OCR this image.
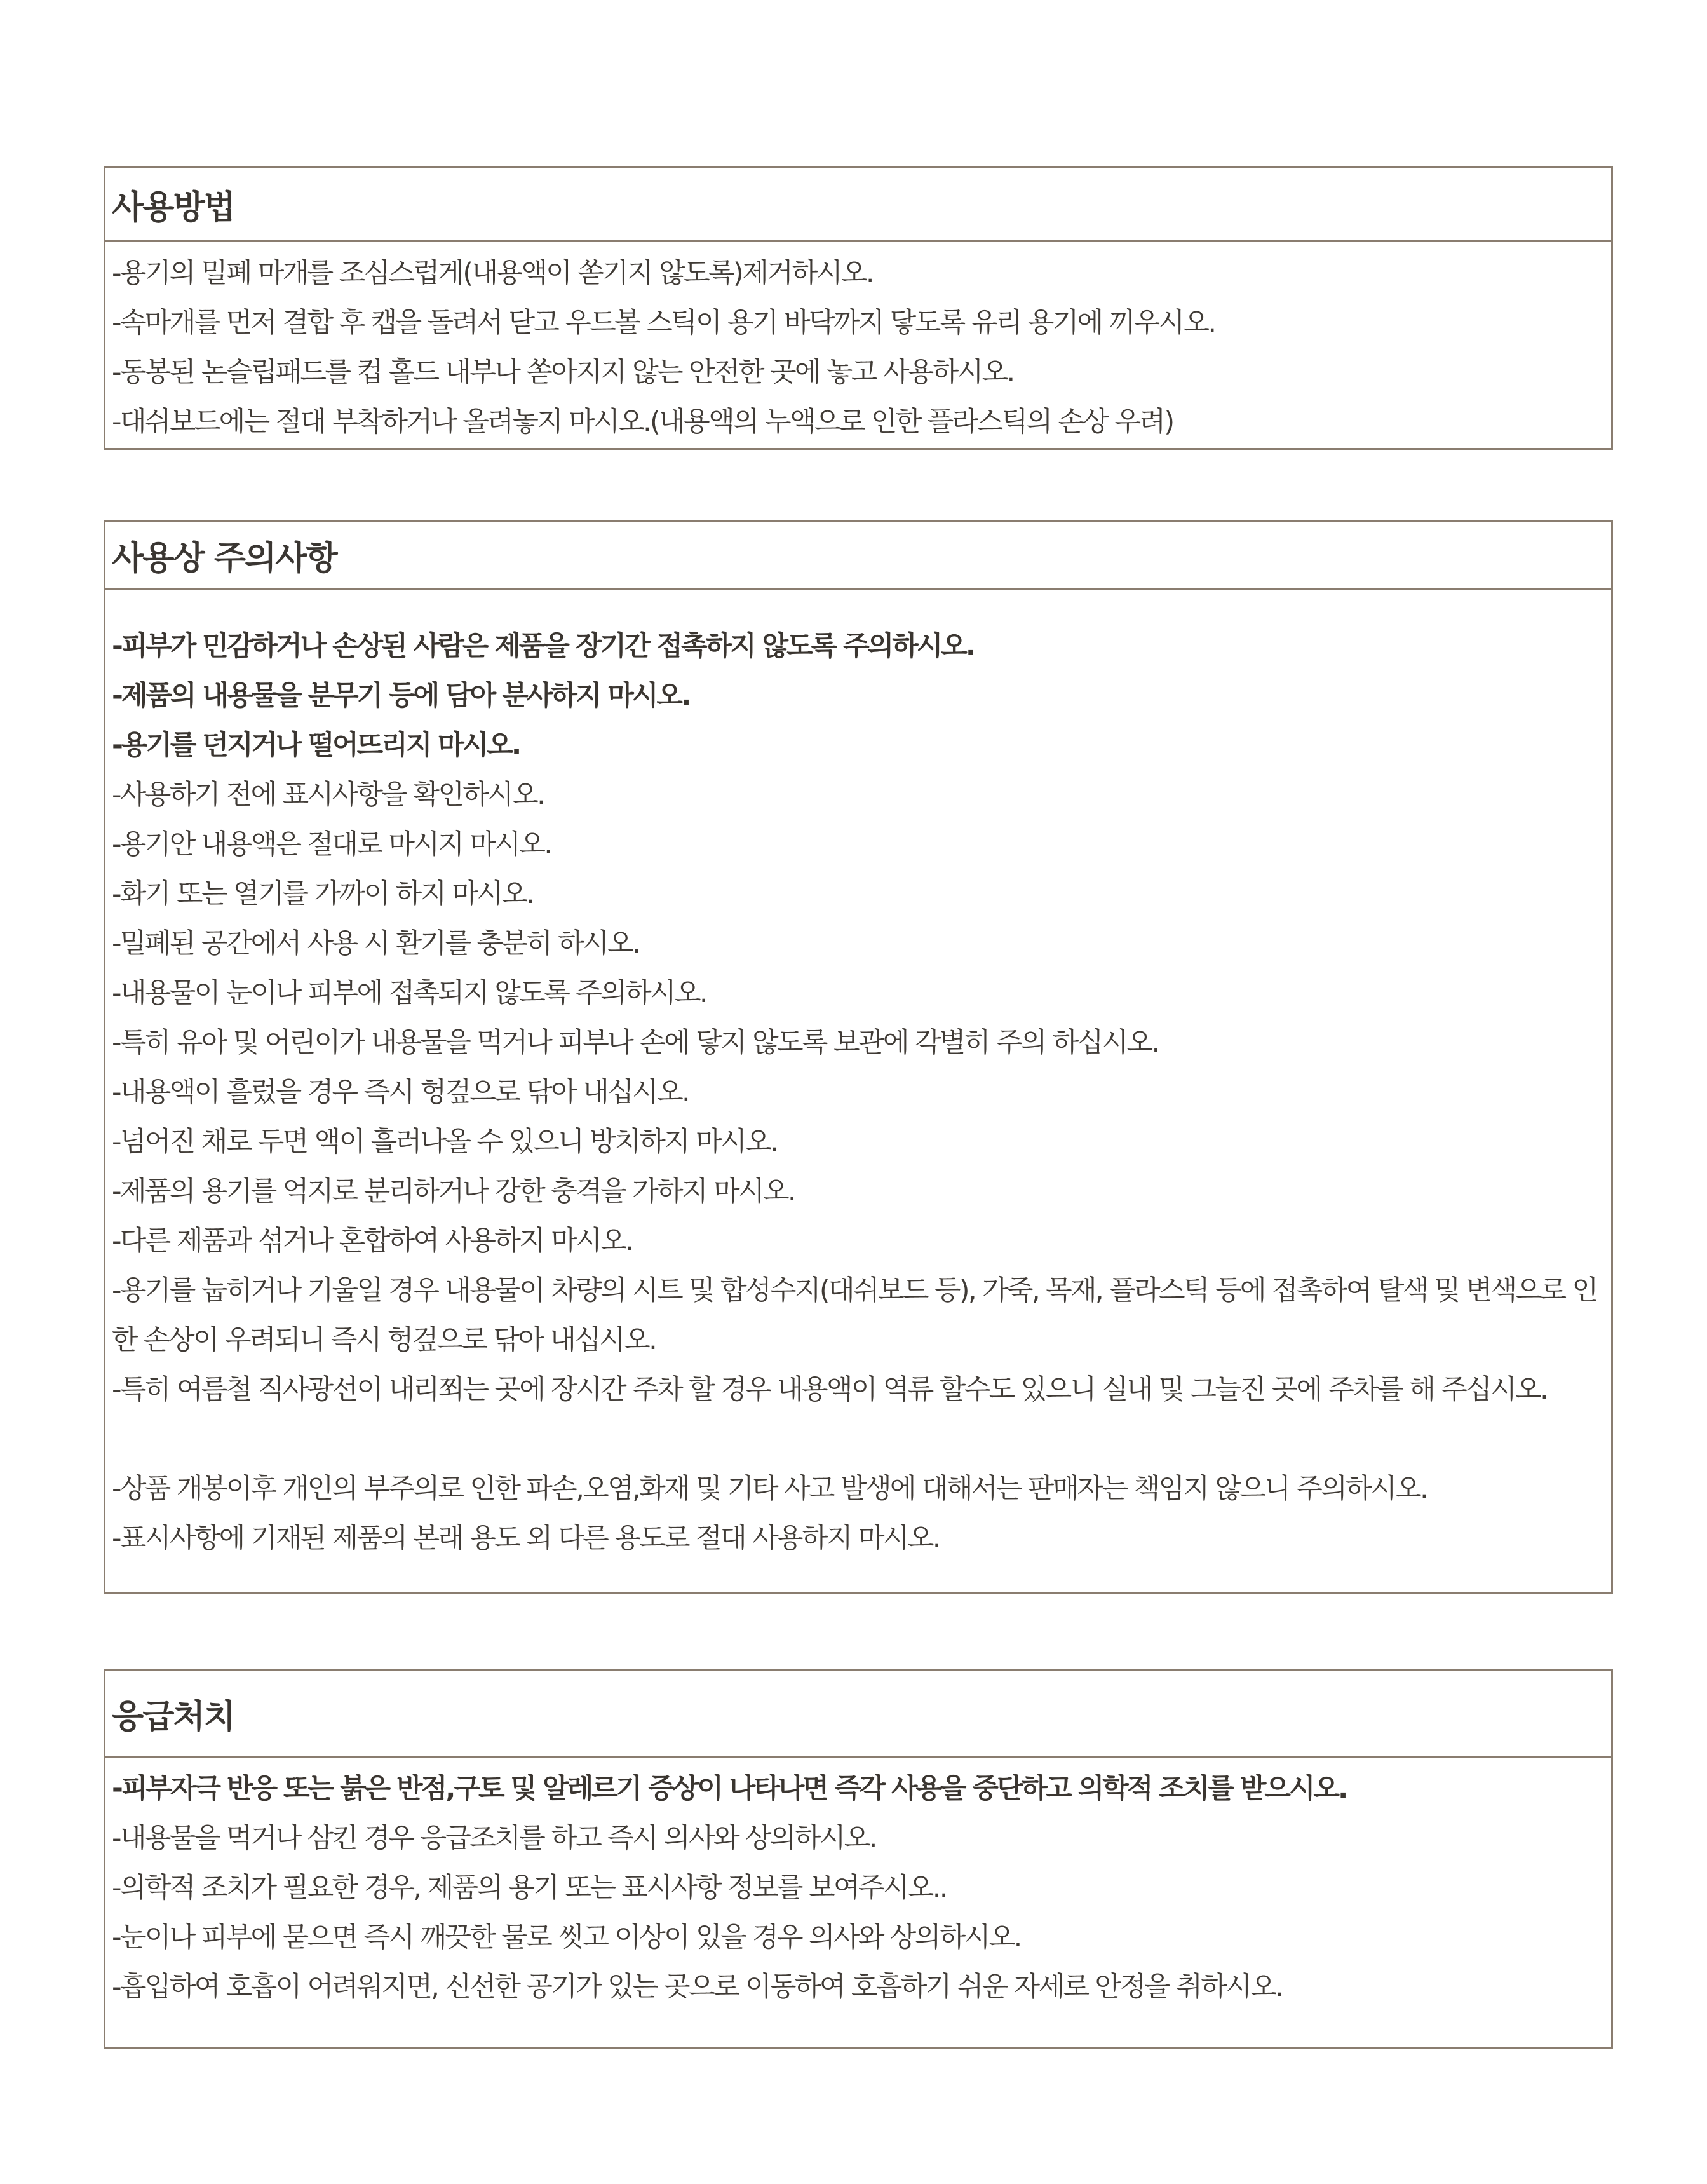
사용방법
-용기의 밀폐 마개를 조심스럽게(내용액이 쏟기지 않도록)제거하시오.
-속마개를 먼저 결합 후 캡을 돌려서 닫고 우드볼 스틱이 용기 바닥까지 닿도록 유리 용기에 끼우시오.
-동봉된 논슬립패드를 컵 홀드 내부나 쏟아지지 않는 안전한 곳에 놓고 사용하시오.
-대쉬보드에는 절대 부착하거나 올려놓지 마시오.(내용액의 누액으로 인한 플라스틱의 손상 우려)
사용상 주의사항
-피부가 민감하거나 손상된 사람은 제품을 장기간 접촉하지 않도록 주의하시오.
-제품의 내용물을 분무기 등에 담아 분사하지 마시오.
-용기를 던지거나 떨어뜨리지 마시오.
-사용하기 전에 표시사항을 확인하시오.
-용기안 내용액은 절대로 마시지 마시오.
-화기 또는 열기를 가까이 하지 마시오.
-밀폐된 공간에서 사용 시 환기를 충분히 하시오.
-내용물이 눈이나 피부에 접촉되지 않도록 주의하시오.
-특히 유아 및 어린이가 내용물을 먹거나 피부나 손에 닿지 않도록 보관에 각별히 주의 하십시오.
-내용액이 흘렀을 경우 즉시 헝겊으로 닦아 내십시오.
-넘어진 채로 두면 액이 흘러나올 수 있으니 방치하지 마시오.
-제품의 용기를 억지로 분리하거나 강한 충격을 가하지 마시오.
-다른 제품과 섞거나 혼합하여 사용하지 마시오.
-용기를 눕히거나 기울일 경우 내용물이 차량의 시트 및 합성수지(대쉬보드 등), 가죽, 목재, 플라스틱 등에 접촉하여 탈색 및 변색으로 인한 손상이 우려되니 즉시 헝겊으로 닦아 내십시오.
-특히 여름철 직사광선이 내리쬐는 곳에 장시간 주차 할 경우 내용액이 역류 할수도 있으니 실내 및 그늘진 곳에 주차를 해 주십시오.
-상품 개봉이후 개인의 부주의로 인한 파손,오염,화재 및 기타 사고 발생에 대해서는 판매자는 책임지 않으니 주의하시오.
-표시사항에 기재된 제품의 본래 용도 외 다른 용도로 절대 사용하지 마시오.
응급처치
-피부자극 반응 또는 붉은 반점,구토 및 알레르기 증상이 나타나면 즉각 사용을 중단하고 의학적 조치를 받으시오.
-내용물을 먹거나 삼킨 경우 응급조치를 하고 즉시 의사와 상의하시오.
-의학적 조치가 필요한 경우, 제품의 용기 또는 표시사항 정보를 보여주시오..
-눈이나 피부에 묻으면 즉시 깨끗한 물로 씻고 이상이 있을 경우 의사와 상의하시오.
-흡입하여 호흡이 어려워지면, 신선한 공기가 있는 곳으로 이동하여 호흡하기 쉬운 자세로 안정을 취하시오.
